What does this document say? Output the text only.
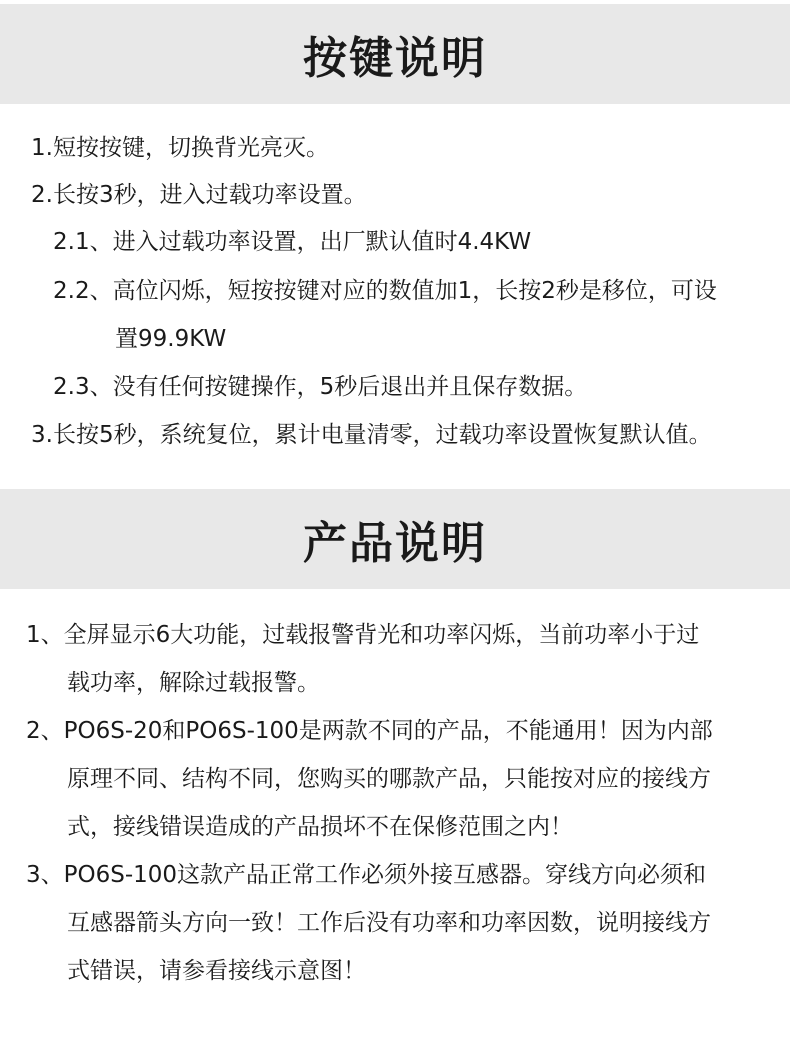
按键说明
1.短按按键，切换背光亮灭。
2.长按3秒，进入过载功率设置。
2.1、进入过载功率设置，出厂默认值时4.4KW
2.2、高位闪烁，短按按键对应的数值加1，长按2秒是移位，可设
置99.9KW
2.3、没有任何按键操作，5秒后退出并且保存数据。
3.长按5秒，系统复位，累计电量清零，过载功率设置恢复默认值。
产品说明
1、全屏显示6大功能，过载报警背光和功率闪烁，当前功率小于过
载功率，解除过载报警。
2、PO6S-20和PO6S-100是两款不同的产品，不能通用！因为内部
原理不同、结构不同，您购买的哪款产品，只能按对应的接线方
式，接线错误造成的产品损坏不在保修范围之内！
3、PO6S-100这款产品正常工作必须外接互感器。穿线方向必须和
互感器箭头方向一致！工作后没有功率和功率因数，说明接线方
式错误，请参看接线示意图！
